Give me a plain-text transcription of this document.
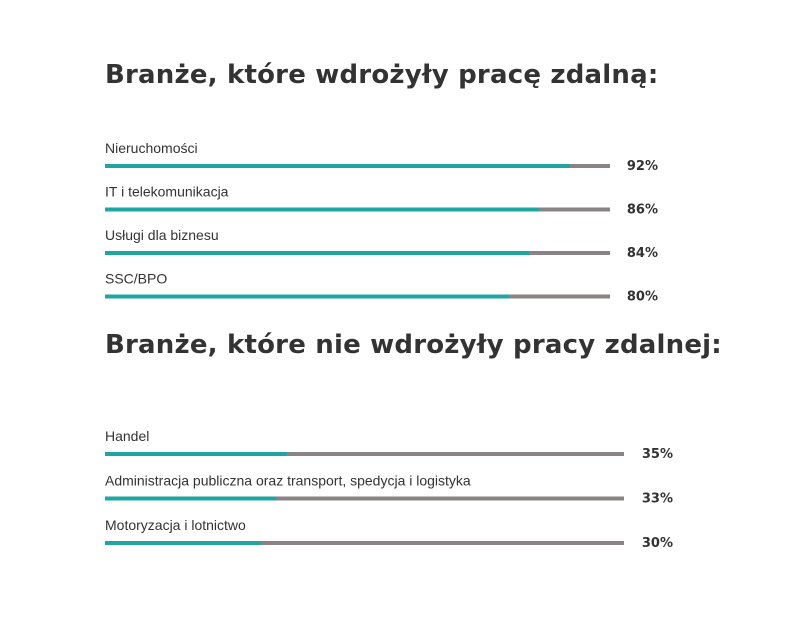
Branże, które wdrożyły pracę zdalną:
Branże, które nie wdrożyły pracy zdalnej:
Nieruchomości
92%
IT i telekomunikacja
86%
Usługi dla biznesu
84%
SSC/BPO
80%
Handel
35%
Administracja publiczna oraz transport, spedycja i logistyka
33%
Motoryzacja i lotnictwo
30%
